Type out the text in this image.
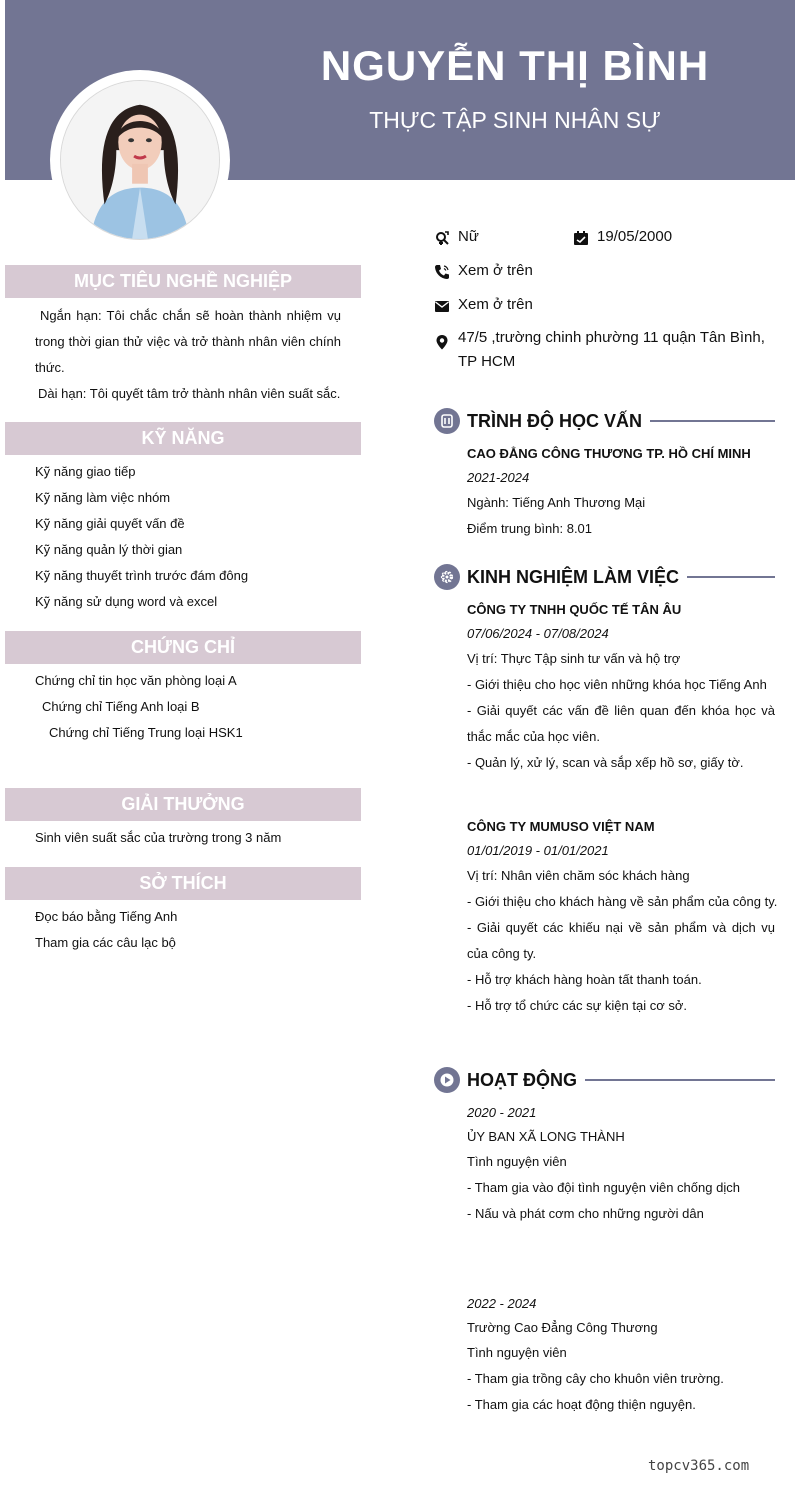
NGUYỄN THỊ BÌNH
THỰC TẬP SINH NHÂN SỰ
Nữ	19/05/2000
Xem ở trên
Xem ở trên
47/5 ,trường chinh phường 11 quận Tân Bình, TP HCM
MỤC TIÊU NGHỀ NGHIỆP
Ngắn hạn: Tôi chắc chắn sẽ hoàn thành nhiệm vụ trong thời gian thử việc và trở thành nhân viên chính thức.
Dài hạn: Tôi quyết tâm trở thành nhân viên suất sắc.
KỸ NĂNG
Kỹ năng giao tiếp
Kỹ năng làm việc nhóm
Kỹ năng giải quyết vấn đề
Kỹ năng quản lý thời gian
Kỹ năng thuyết trình trước đám đông
Kỹ năng sử dụng word và excel
CHỨNG CHỈ
Chứng chỉ tin học văn phòng loại A
Chứng chỉ Tiếng Anh loại B
Chứng chỉ Tiếng Trung loại HSK1
GIẢI THƯỞNG
Sinh viên suất sắc của trường trong 3 năm
SỞ THÍCH
Đọc báo bằng Tiếng Anh
Tham gia các câu lạc bộ
TRÌNH ĐỘ HỌC VẤN
CAO ĐẲNG CÔNG THƯƠNG TP. HỒ CHÍ MINH
2021-2024
Ngành: Tiếng Anh Thương Mại
Điểm trung bình: 8.01
KINH NGHIỆM LÀM VIỆC
CÔNG TY TNHH QUỐC TẾ TÂN ÂU
07/06/2024 - 07/08/2024
Vị trí: Thực Tập sinh tư vấn và hộ trợ
- Giới thiệu cho học viên những khóa học Tiếng Anh
- Giải quyết các vấn đề liên quan đến khóa học và thắc mắc của học viên.
- Quản lý, xử lý, scan và sắp xếp hồ sơ, giấy tờ.
CÔNG TY MUMUSO VIỆT NAM
01/01/2019 - 01/01/2021
Vị trí: Nhân viên chăm sóc khách hàng
- Giới thiệu cho khách hàng về sản phẩm của công ty.
- Giải quyết các khiếu nại về sản phẩm và dịch vụ của công ty.
- Hỗ trợ khách hàng hoàn tất thanh toán.
- Hỗ trợ tổ chức các sự kiện tại cơ sở.
HOẠT ĐỘNG
2020 - 2021
ỦY BAN XÃ LONG THÀNH
Tình nguyện viên
- Tham gia vào đội tình nguyện viên chống dịch
- Nấu và phát cơm cho những người dân
2022 - 2024
Trường Cao Đẳng Công Thương
Tình nguyện viên
- Tham gia trồng cây cho khuôn viên trường.
- Tham gia các hoạt động thiện nguyện.
topcv365.com
